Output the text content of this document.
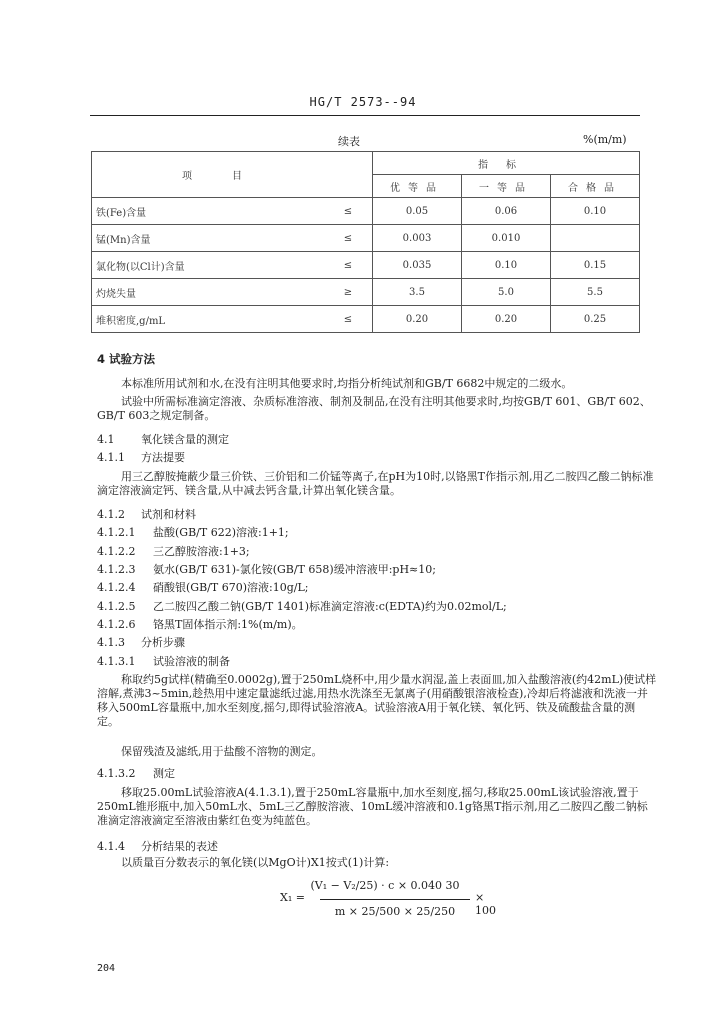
HG/T 2573--94
续表	%(m/m)
项目		指标		
		优等品	一等品	合格品
铁(Fe)含量	≤	0.05	0.06	0.10
锰(Mn)含量	≤	0.003	0.010	
氯化物(以Cl计)含量	≤	0.035	0.10	0.15
灼烧失量	≥	3.5	5.0	5.5
堆积密度,g/mL	≤	0.20	0.20	0.25
4 试验方法
本标准所用试剂和水,在没有注明其他要求时,均指分析纯试剂和GB/T 6682中规定的二级水。
试验中所需标准滴定溶液、杂质标准溶液、制剂及制品,在没有注明其他要求时,均按GB/T 601、GB/T 602、GB/T 603之规定制备。
4.1 氧化镁含量的测定
4.1.1 方法提要
用三乙醇胺掩蔽少量三价铁、三价铝和二价锰等离子,在pH为10时,以铬黑T作指示剂,用乙二胺四乙酸二钠标准滴定溶液滴定钙、镁含量,从中减去钙含量,计算出氧化镁含量。
4.1.2 试剂和材料
4.1.2.1 盐酸(GB/T 622)溶液:1+1;
4.1.2.2 三乙醇胺溶液:1+3;
4.1.2.3 氨水(GB/T 631)-氯化铵(GB/T 658)缓冲溶液甲:pH≈10;
4.1.2.4 硝酸银(GB/T 670)溶液:10g/L;
4.1.2.5 乙二胺四乙酸二钠(GB/T 1401)标准滴定溶液:c(EDTA)约为0.02mol/L;
4.1.2.6 铬黑T固体指示剂:1%(m/m)。
4.1.3 分析步骤
4.1.3.1 试验溶液的制备
称取约5g试样(精确至0.0002g),置于250mL烧杯中,用少量水润湿,盖上表面皿,加入盐酸溶液(约42mL)使试样溶解,煮沸3~5min,趁热用中速定量滤纸过滤,用热水洗涤至无氯离子(用硝酸银溶液检查),冷却后将滤液和洗液一并移入500mL容量瓶中,加水至刻度,摇匀,即得试验溶液A。试验溶液A用于氧化镁、氧化钙、铁及硫酸盐含量的测定。
保留残渣及滤纸,用于盐酸不溶物的测定。
4.1.3.2 测定
移取25.00mL试验溶液A(4.1.3.1),置于250mL容量瓶中,加水至刻度,摇匀,移取25.00mL该试验溶液,置于250mL锥形瓶中,加入50mL水、5mL三乙醇胺溶液、10mL缓冲溶液和0.1g铬黑T指示剂,用乙二胺四乙酸二钠标准滴定溶液滴定至溶液由紫红色变为纯蓝色。
4.1.4 分析结果的表述
以质量百分数表示的氧化镁(以MgO计)X1按式(1)计算:
X₁ =
(V₁ − V₂/25) · c × 0.040 30
m × 25/500 × 25/250
× 100
204
